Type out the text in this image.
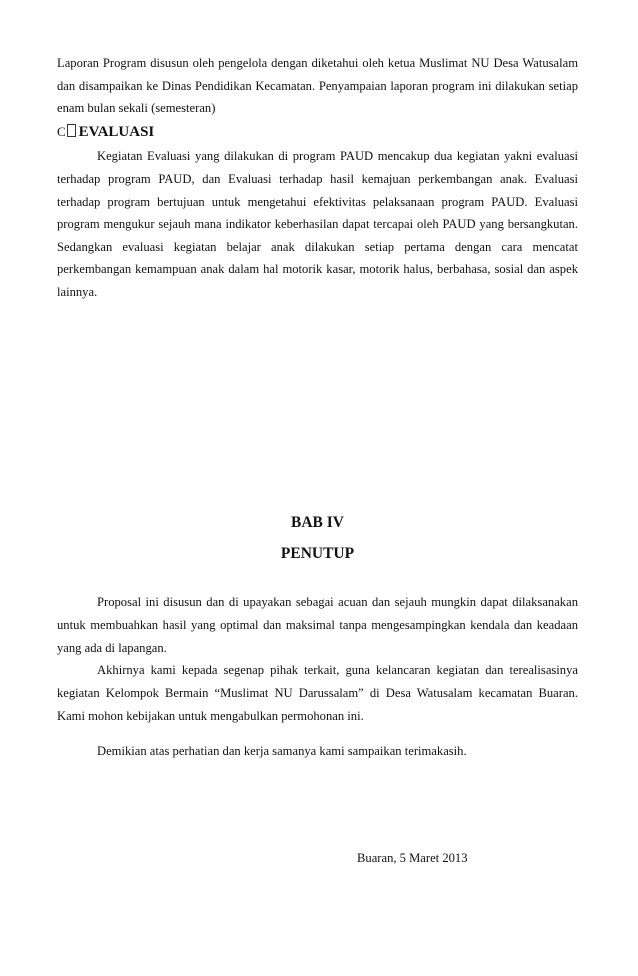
Laporan Program disusun oleh pengelola dengan diketahui oleh ketua Muslimat NU Desa Watusalam dan disampaikan ke Dinas Pendidikan Kecamatan. Penyampaian laporan program ini dilakukan setiap enam bulan sekali (semesteran)

C EVALUASI

Kegiatan Evaluasi yang dilakukan di program PAUD mencakup dua kegiatan yakni evaluasi terhadap program PAUD, dan Evaluasi terhadap hasil kemajuan perkembangan anak. Evaluasi terhadap program bertujuan untuk mengetahui efektivitas pelaksanaan program PAUD. Evaluasi program mengukur sejauh mana indikator keberhasilan dapat tercapai oleh PAUD yang bersangkutan. Sedangkan evaluasi kegiatan belajar anak dilakukan setiap pertama dengan cara mencatat perkembangan kemampuan anak dalam hal motorik kasar, motorik halus, berbahasa, sosial dan aspek lainnya.

BAB IV
PENUTUP

Proposal ini disusun dan di upayakan sebagai acuan dan sejauh mungkin dapat dilaksanakan untuk membuahkan hasil yang optimal dan maksimal tanpa mengesampingkan kendala dan keadaan yang ada di lapangan.

Akhirnya kami kepada segenap pihak terkait, guna kelancaran kegiatan dan terealisasinya kegiatan Kelompok Bermain “Muslimat NU Darussalam” di Desa Watusalam kecamatan Buaran. Kami mohon kebijakan untuk mengabulkan permohonan ini.

Demikian atas perhatian dan kerja samanya kami sampaikan terimakasih.
Buaran, 5 Maret 2013
